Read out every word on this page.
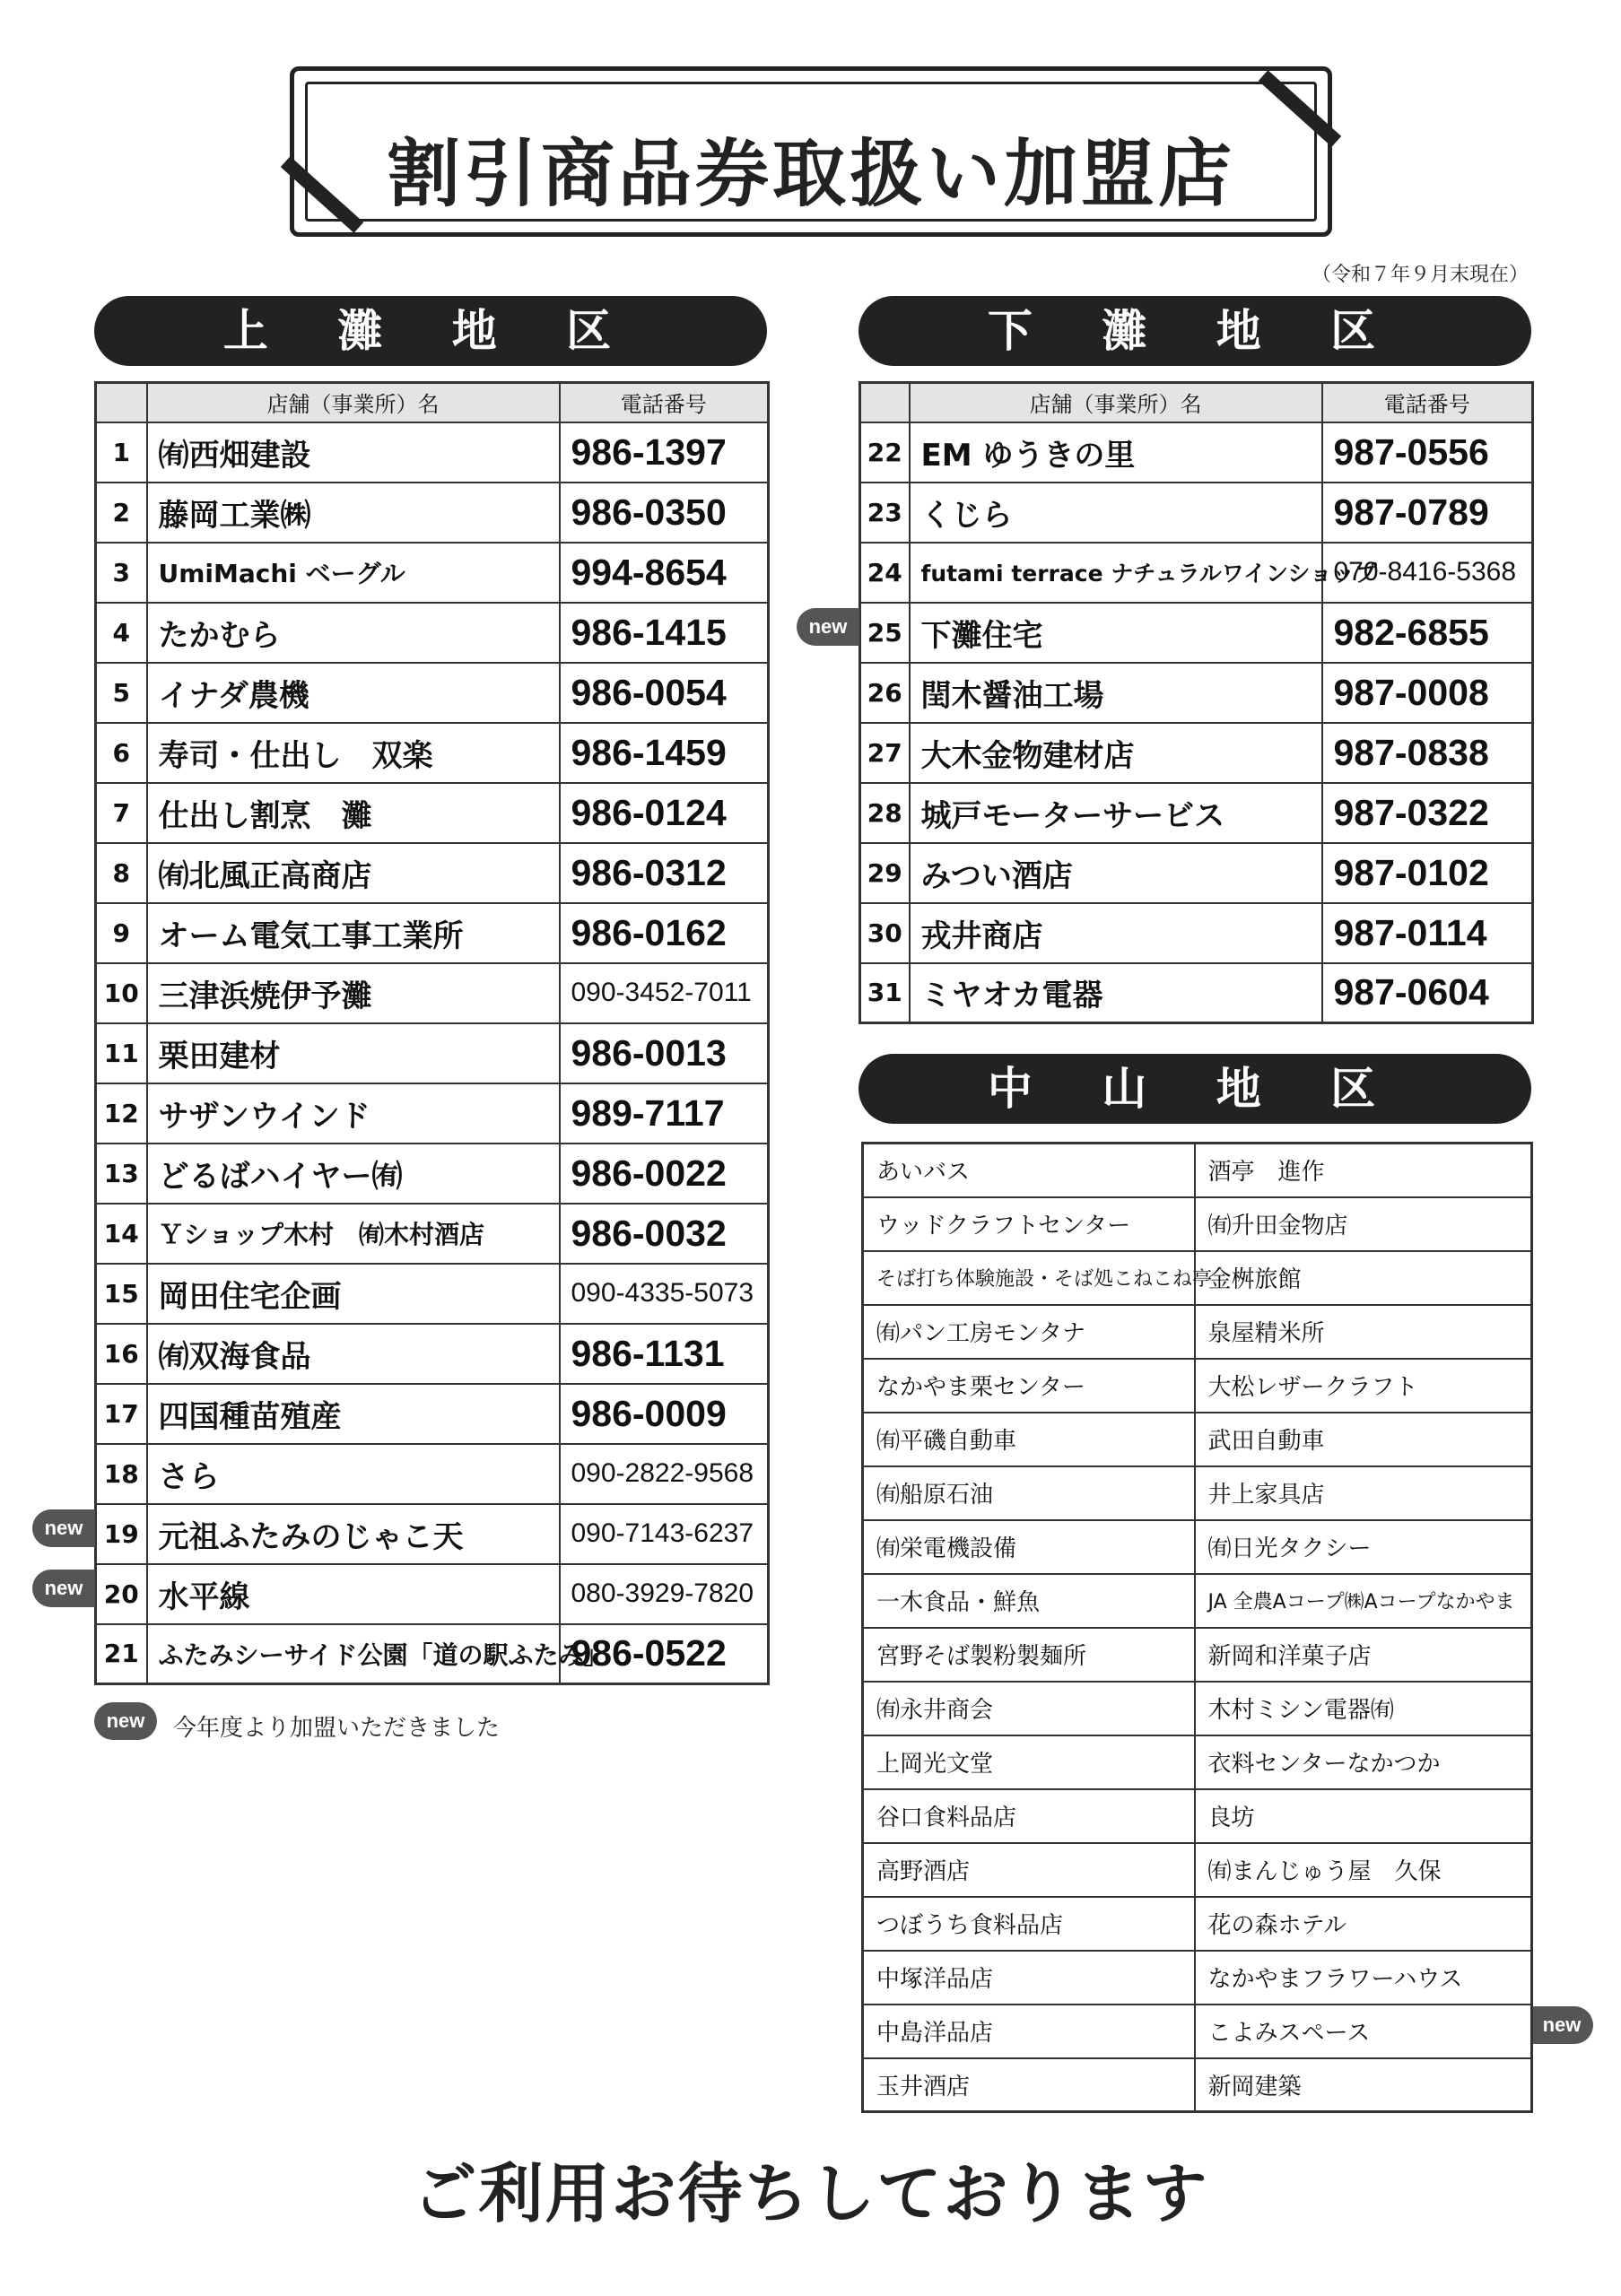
割引商品券取扱い加盟店
（令和７年９月末現在）
上 灘 地 区
	店舗（事業所）名	電話番号
1	㈲西畑建設	986-1397
2	藤岡工業㈱	986-0350
3	UmiMachi ベーグル	994-8654
4	たかむら	986-1415
5	イナダ農機	986-0054
6	寿司・仕出し　双楽	986-1459
7	仕出し割烹　灘	986-0124
8	㈲北風正高商店	986-0312
9	オーム電気工事工業所	986-0162
10	三津浜焼伊予灘	090-3452-7011
11	栗田建材	986-0013
12	サザンウインド	989-7117
13	どるばハイヤー㈲	986-0022
14	Ｙショップ木村　㈲木村酒店	986-0032
15	岡田住宅企画	090-4335-5073
16	㈲双海食品	986-1131
17	四国種苗殖産	986-0009
18	さら	090-2822-9568
19	元祖ふたみのじゃこ天	090-7143-6237
20	水平線	080-3929-7820
21	ふたみシーサイド公園「道の駅ふたみ」	986-0522
下 灘 地 区
	店舗（事業所）名	電話番号
22	EM ゆうきの里	987-0556
23	くじら	987-0789
24	futami terrace ナチュラルワインショップ	070-8416-5368
25	下灘住宅	982-6855
26	閏木醤油工場	987-0008
27	大木金物建材店	987-0838
28	城戸モーターサービス	987-0322
29	みつい酒店	987-0102
30	戎井商店	987-0114
31	ミヤオカ電器	987-0604
new
new
new
new
new	今年度より加盟いただきました
中 山 地 区
あいバス	酒亭　進作
ウッドクラフトセンター	㈲升田金物店
そば打ち体験施設・そば処こねこね亭	金桝旅館
㈲パン工房モンタナ	泉屋精米所
なかやま栗センター	大松レザークラフト
㈲平磯自動車	武田自動車
㈲船原石油	井上家具店
㈲栄電機設備	㈲日光タクシー
一木食品・鮮魚	JA 全農Aコープ㈱Aコープなかやま
宮野そば製粉製麺所	新岡和洋菓子店
㈲永井商会	木村ミシン電器㈲
上岡光文堂	衣料センターなかつか
谷口食料品店	良坊
高野酒店	㈲まんじゅう屋　久保
つぼうち食料品店	花の森ホテル
中塚洋品店	なかやまフラワーハウス
中島洋品店	こよみスペース
玉井酒店	新岡建築
ご利用お待ちしております
